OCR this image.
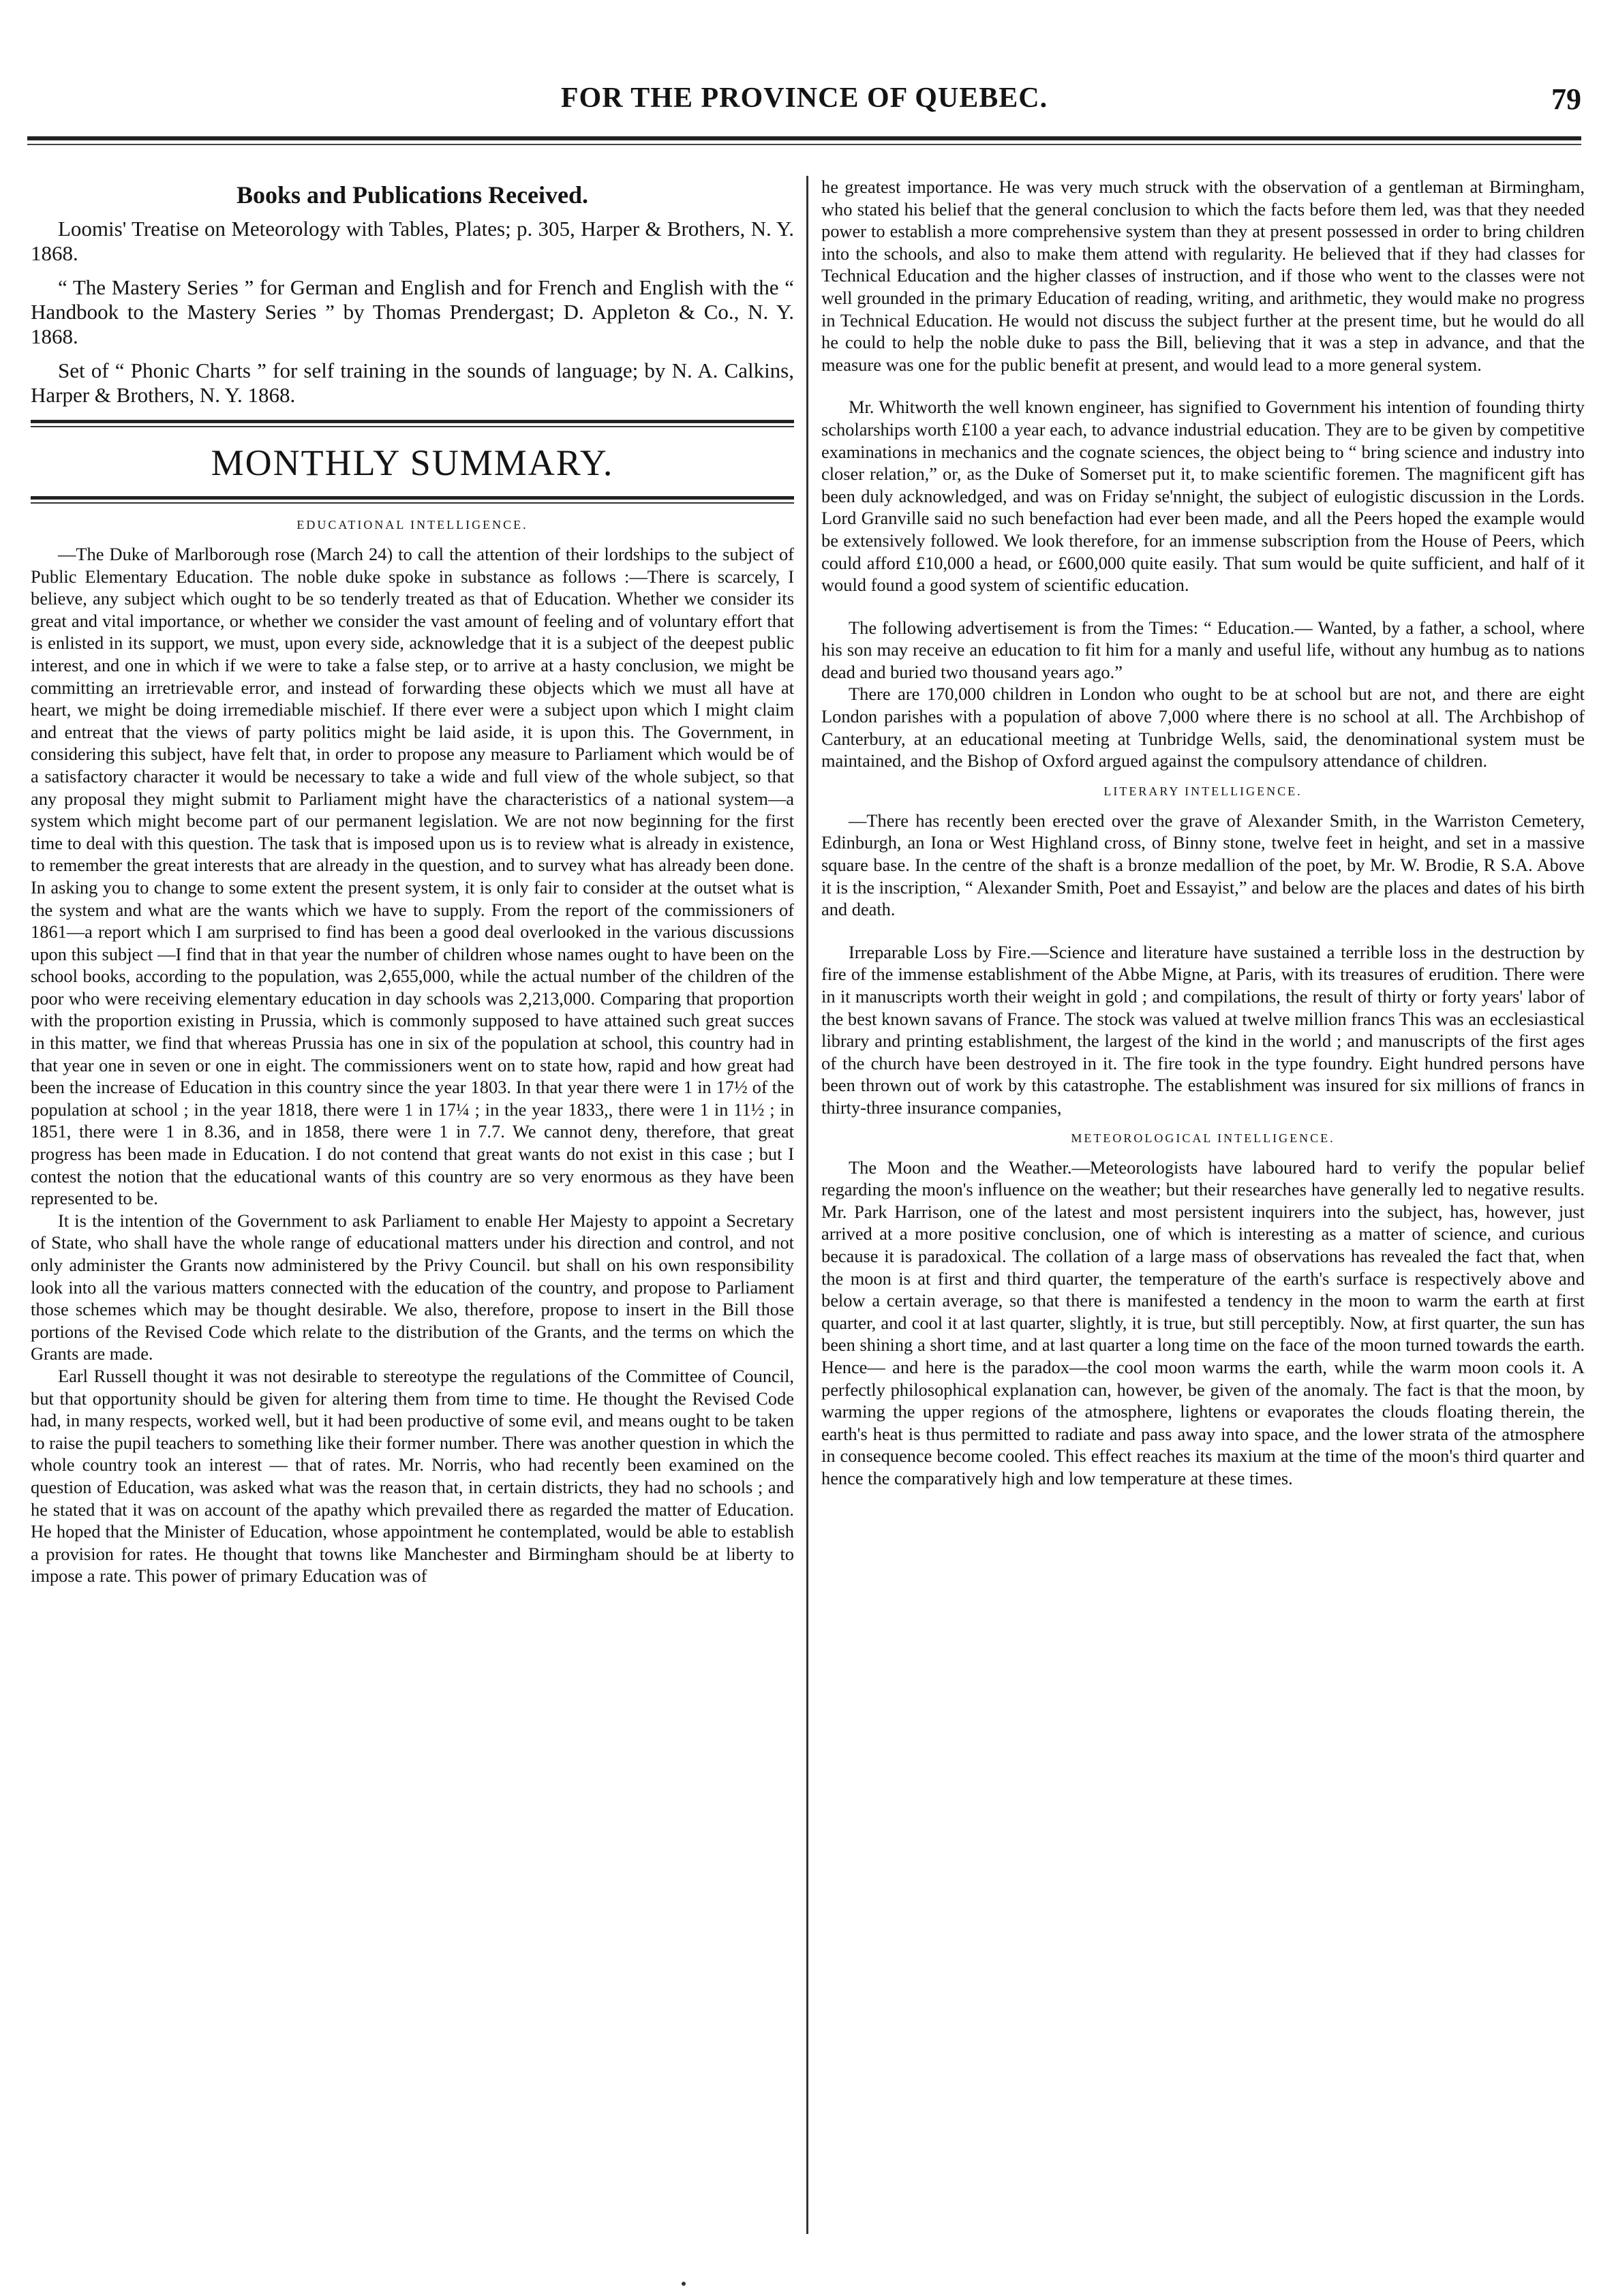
FOR THE PROVINCE OF QUEBEC.	79
Books and Publications Received.

Loomis' Treatise on Meteorology with Tables, Plates; p. 305, Harper & Brothers, N. Y. 1868.

“ The Mastery Series ” for German and English and for French and English with the “ Handbook to the Mastery Series ” by Thomas Prendergast; D. Appleton & Co., N. Y. 1868.

Set of “ Phonic Charts ” for self training in the sounds of language; by N. A. Calkins, Harper & Brothers, N. Y. 1868.

MONTHLY SUMMARY.
EDUCATIONAL INTELLIGENCE.

—The Duke of Marlborough rose (March 24) to call the attention of their lordships to the subject of Public Elementary Education. The noble duke spoke in substance as follows :—There is scarcely, I believe, any subject which ought to be so tenderly treated as that of Education. Whether we consider its great and vital importance, or whether we consider the vast amount of feeling and of voluntary effort that is enlisted in its support, we must, upon every side, acknowledge that it is a subject of the deepest public interest, and one in which if we were to take a false step, or to arrive at a hasty conclusion, we might be committing an irretrievable error, and instead of forwarding these objects which we must all have at heart, we might be doing irremediable mischief. If there ever were a subject upon which I might claim and entreat that the views of party politics might be laid aside, it is upon this. The Government, in considering this subject, have felt that, in order to propose any measure to Parliament which would be of a satisfactory character it would be necessary to take a wide and full view of the whole subject, so that any proposal they might submit to Parliament might have the characteristics of a national system—a system which might become part of our permanent legislation. We are not now beginning for the first time to deal with this question. The task that is imposed upon us is to review what is already in existence, to remember the great interests that are already in the question, and to survey what has already been done. In asking you to change to some extent the present system, it is only fair to consider at the outset what is the system and what are the wants which we have to supply. From the report of the commissioners of 1861—a report which I am surprised to find has been a good deal overlooked in the various discussions upon this subject —I find that in that year the number of children whose names ought to have been on the school books, according to the population, was 2,655,000, while the actual number of the children of the poor who were receiving elementary education in day schools was 2,213,000. Comparing that proportion with the proportion existing in Prussia, which is commonly supposed to have attained such great succes in this matter, we find that whereas Prussia has one in six of the population at school, this country had in that year one in seven or one in eight. The commissioners went on to state how, rapid and how great had been the increase of Education in this country since the year 1803. In that year there were 1 in 17½ of the population at school ; in the year 1818, there were 1 in 17¼ ; in the year 1833,, there were 1 in 11½ ; in 1851, there were 1 in 8.36, and in 1858, there were 1 in 7.7. We cannot deny, therefore, that great progress has been made in Education. I do not contend that great wants do not exist in this case ; but I contest the notion that the educational wants of this country are so very enormous as they have been represented to be.

It is the intention of the Government to ask Parliament to enable Her Majesty to appoint a Secretary of State, who shall have the whole range of educational matters under his direction and control, and not only administer the Grants now administered by the Privy Council. but shall on his own responsibility look into all the various matters connected with the education of the country, and propose to Parliament those schemes which may be thought desirable. We also, therefore, propose to insert in the Bill those portions of the Revised Code which relate to the distribution of the Grants, and the terms on which the Grants are made.

Earl Russell thought it was not desirable to stereotype the regulations of the Committee of Council, but that opportunity should be given for altering them from time to time. He thought the Revised Code had, in many respects, worked well, but it had been productive of some evil, and means ought to be taken to raise the pupil teachers to something like their former number. There was another question in which the whole country took an interest — that of rates. Mr. Norris, who had recently been examined on the question of Education, was asked what was the reason that, in certain districts, they had no schools ; and he stated that it was on account of the apathy which prevailed there as regarded the matter of Education. He hoped that the Minister of Education, whose appointment he contemplated, would be able to establish a provision for rates. He thought that towns like Manchester and Birmingham should be at liberty to impose a rate. This power of primary Education was of

he greatest importance. He was very much struck with the observation of a gentleman at Birmingham, who stated his belief that the general conclusion to which the facts before them led, was that they needed power to establish a more comprehensive system than they at present possessed in order to bring children into the schools, and also to make them attend with regularity. He believed that if they had classes for Technical Education and the higher classes of instruction, and if those who went to the classes were not well grounded in the primary Education of reading, writing, and arithmetic, they would make no progress in Technical Education. He would not discuss the subject further at the present time, but he would do all he could to help the noble duke to pass the Bill, believing that it was a step in advance, and that the measure was one for the public benefit at present, and would lead to a more general system.

Mr. Whitworth the well known engineer, has signified to Government his intention of founding thirty scholarships worth £100 a year each, to advance industrial education. They are to be given by competitive examinations in mechanics and the cognate sciences, the object being to “ bring science and industry into closer relation,” or, as the Duke of Somerset put it, to make scientific foremen. The magnificent gift has been duly acknowledged, and was on Friday se'nnight, the subject of eulogistic discussion in the Lords. Lord Granville said no such benefaction had ever been made, and all the Peers hoped the example would be extensively followed. We look therefore, for an immense subscription from the House of Peers, which could afford £10,000 a head, or £600,000 quite easily. That sum would be quite sufficient, and half of it would found a good system of scientific education.

The following advertisement is from the Times: “ Education.— Wanted, by a father, a school, where his son may receive an education to fit him for a manly and useful life, without any humbug as to nations dead and buried two thousand years ago.”

There are 170,000 children in London who ought to be at school but are not, and there are eight London parishes with a population of above 7,000 where there is no school at all. The Archbishop of Canterbury, at an educational meeting at Tunbridge Wells, said, the denominational system must be maintained, and the Bishop of Oxford argued against the compulsory attendance of children.

LITERARY INTELLIGENCE.

—There has recently been erected over the grave of Alexander Smith, in the Warriston Cemetery, Edinburgh, an Iona or West Highland cross, of Binny stone, twelve feet in height, and set in a massive square base. In the centre of the shaft is a bronze medallion of the poet, by Mr. W. Brodie, R S.A. Above it is the inscription, “ Alexander Smith, Poet and Essayist,” and below are the places and dates of his birth and death.

Irreparable Loss by Fire.—Science and literature have sustained a terrible loss in the destruction by fire of the immense establishment of the Abbe Migne, at Paris, with its treasures of erudition. There were in it manuscripts worth their weight in gold ; and compilations, the result of thirty or forty years' labor of the best known savans of France. The stock was valued at twelve million francs This was an ecclesiastical library and printing establishment, the largest of the kind in the world ; and manuscripts of the first ages of the church have been destroyed in it. The fire took in the type foundry. Eight hundred persons have been thrown out of work by this catastrophe. The establishment was insured for six millions of francs in thirty-three insurance companies,

METEOROLOGICAL INTELLIGENCE.

The Moon and the Weather.—Meteorologists have laboured hard to verify the popular belief regarding the moon's influence on the weather; but their researches have generally led to negative results. Mr. Park Harrison, one of the latest and most persistent inquirers into the subject, has, however, just arrived at a more positive conclusion, one of which is interesting as a matter of science, and curious because it is paradoxical. The collation of a large mass of observations has revealed the fact that, when the moon is at first and third quarter, the temperature of the earth's surface is respectively above and below a certain average, so that there is manifested a tendency in the moon to warm the earth at first quarter, and cool it at last quarter, slightly, it is true, but still perceptibly. Now, at first quarter, the sun has been shining a short time, and at last quarter a long time on the face of the moon turned towards the earth. Hence— and here is the paradox—the cool moon warms the earth, while the warm moon cools it. A perfectly philosophical explanation can, however, be given of the anomaly. The fact is that the moon, by warming the upper regions of the atmosphere, lightens or evaporates the clouds floating therein, the earth's heat is thus permitted to radiate and pass away into space, and the lower strata of the atmosphere in consequence become cooled. This effect reaches its maxium at the time of the moon's third quarter and hence the comparatively high and low temperature at these times.
